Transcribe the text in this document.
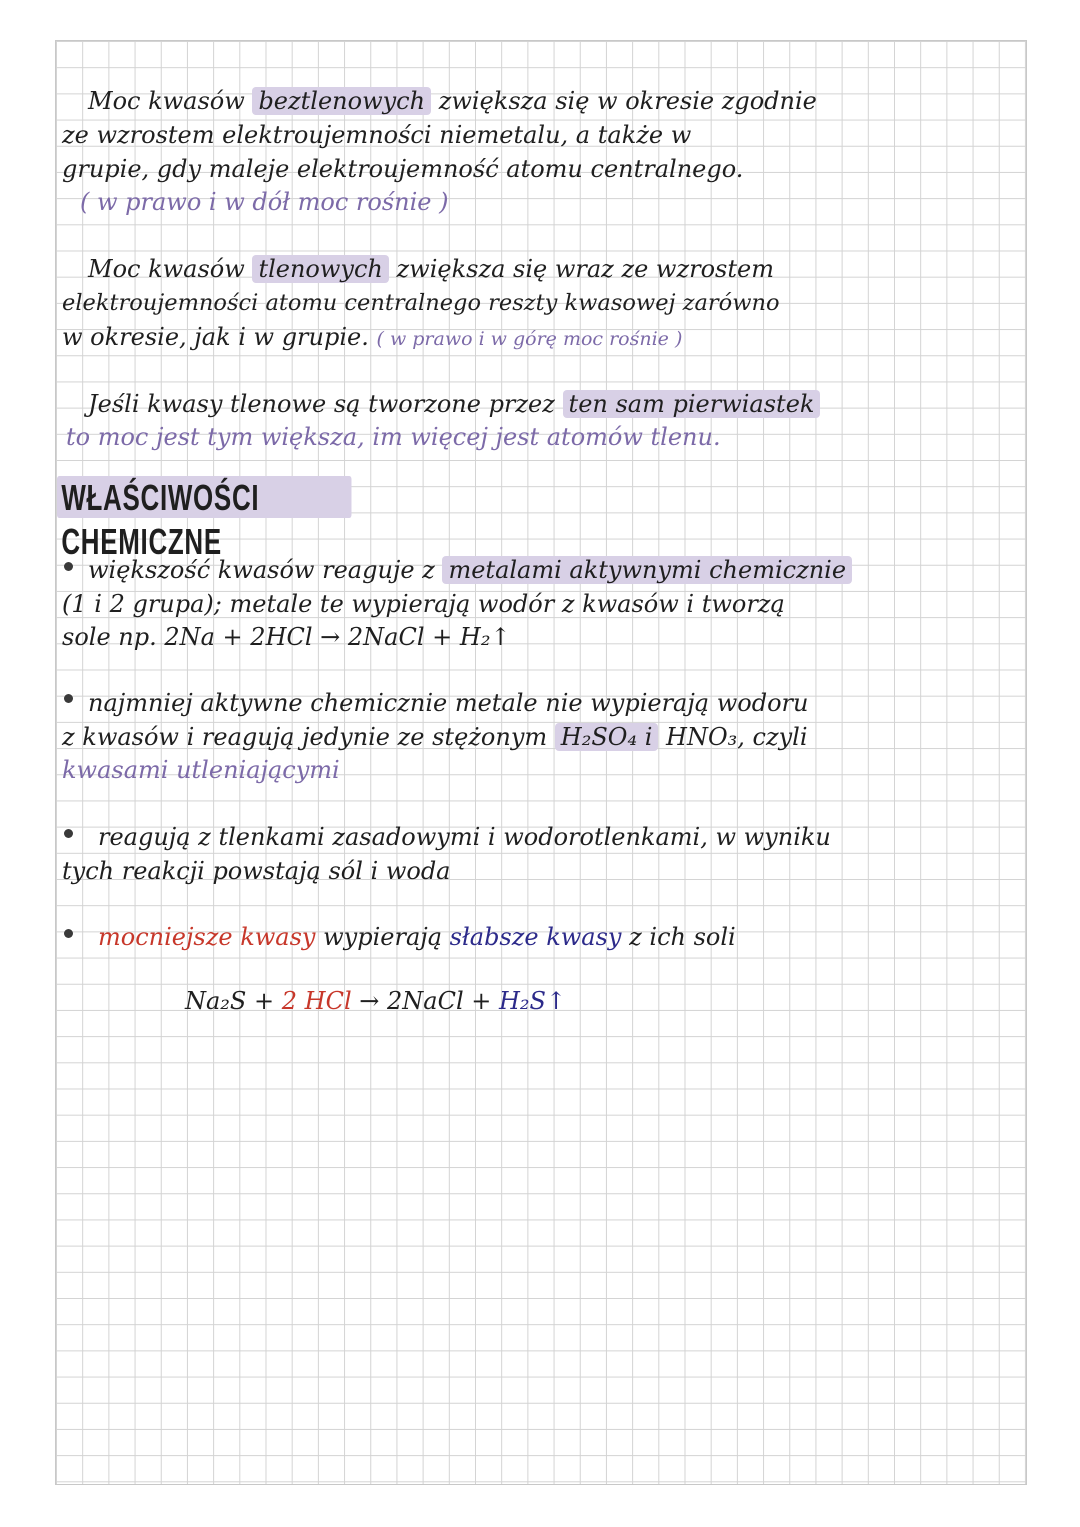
Moc kwasów beztlenowych zwiększa się w okresie zgodnie
ze wzrostem elektroujemności niemetalu, a także w
grupie, gdy maleje elektroujemność atomu centralnego.
( w prawo i w dół moc rośnie )
Moc kwasów tlenowych zwiększa się wraz ze wzrostem
elektroujemności atomu centralnego reszty kwasowej zarówno
w okresie, jak i w grupie. ( w prawo i w górę moc rośnie )
Jeśli kwasy tlenowe są tworzone przez ten sam pierwiastek
to moc jest tym większa, im więcej jest atomów tlenu.
WŁAŚCIWOŚCI CHEMICZNE
większość kwasów reaguje z metalami aktywnymi chemicznie
(1 i 2 grupa); metale te wypierają wodór z kwasów i tworzą
sole np. 2Na + 2HCl → 2NaCl + H₂↑
najmniej aktywne chemicznie metale nie wypierają wodoru
z kwasów i reagują jedynie ze stężonym H₂SO₄ i HNO₃, czyli
kwasami utleniającymi
reagują z tlenkami zasadowymi i wodorotlenkami, w wyniku
tych reakcji powstają sól i woda
mocniejsze kwasy wypierają słabsze kwasy z ich soli
Na₂S + 2 HCl → 2NaCl + H₂S↑
